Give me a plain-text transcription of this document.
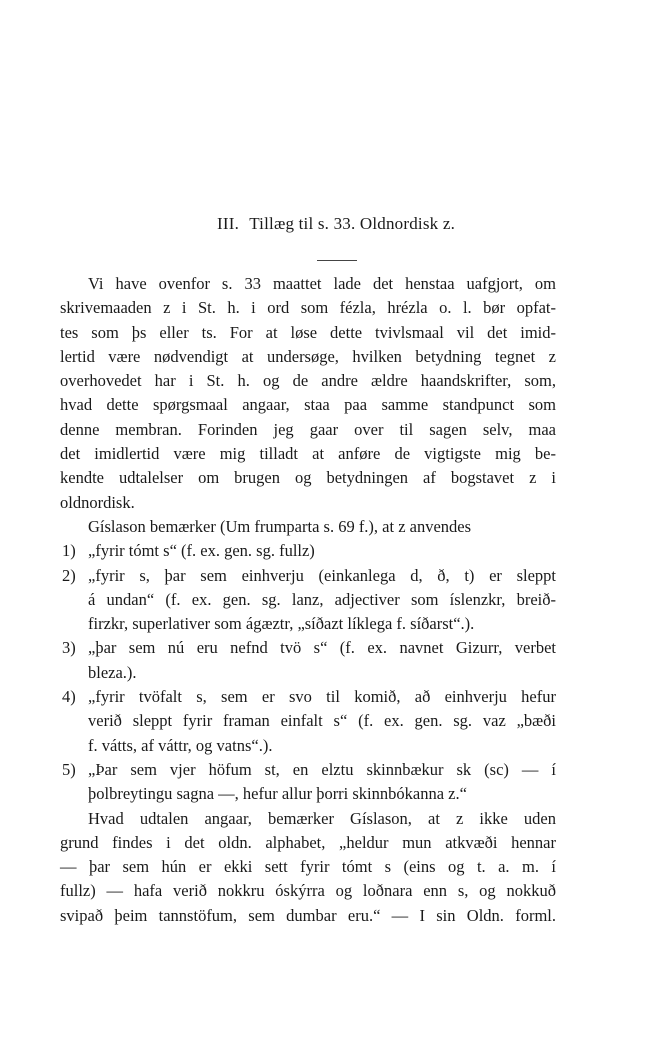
III. Tillæg til s. 33. Oldnordisk z.
Vi have ovenfor s. 33 maattet lade det henstaa uafgjort, om
skrivemaaden z i St. h. i ord som fézla, hrézla o. l. bør opfat-
tes som þs eller ts. For at løse dette tvivlsmaal vil det imid-
lertid være nødvendigt at undersøge, hvilken betydning tegnet z
overhovedet har i St. h. og de andre ældre haandskrifter, som,
hvad dette spørgsmaal angaar, staa paa samme standpunct som
denne membran. Forinden jeg gaar over til sagen selv, maa
det imidlertid være mig tilladt at anføre de vigtigste mig be-
kendte udtalelser om brugen og betydningen af bogstavet z i
oldnordisk.
Gíslason bemærker (Um frumparta s. 69 f.), at z anvendes
1) „fyrir tómt s“ (f. ex. gen. sg. fullz)
2) „fyrir s, þar sem einhverju (einkanlega d, ð, t) er sleppt
á undan“ (f. ex. gen. sg. lanz, adjectiver som íslenzkr, breið-
firzkr, superlativer som ágæztr, „síðazt líklega f. síðarst“.).
3) „þar sem nú eru nefnd tvö s“ (f. ex. navnet Gizurr, verbet
bleza.).
4) „fyrir tvöfalt s, sem er svo til komið, að einhverju hefur
verið sleppt fyrir framan einfalt s“ (f. ex. gen. sg. vaz „bæði
f. vátts, af váttr, og vatns“.).
5) „Þar sem vjer höfum st, en elztu skinnbækur sk (sc) — í
þolbreytingu sagna —, hefur allur þorri skinnbókanna z.“
Hvad udtalen angaar, bemærker Gíslason, at z ikke uden
grund findes i det oldn. alphabet, „heldur mun atkvæði hennar
— þar sem hún er ekki sett fyrir tómt s (eins og t. a. m. í
fullz) — hafa verið nokkru óskýrra og loðnara enn s, og nokkuð
svipað þeim tannstöfum, sem dumbar eru.“ — I sin Oldn. forml.
